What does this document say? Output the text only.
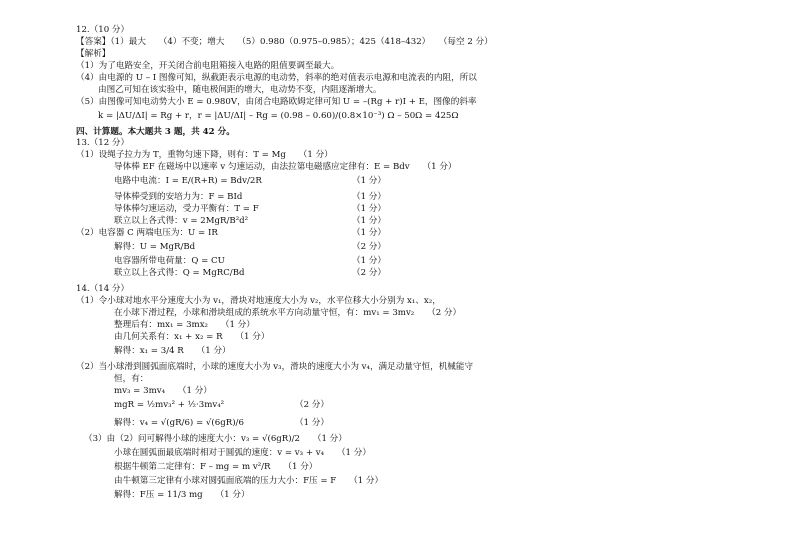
12.（10 分）
【答案】（1）最大　　（4）不变；增大　　（5）0.980（0.975–0.985）；425（418–432）　　（每空 2 分）
【解析】
（1）为了电路安全，开关闭合前电阻箱接入电路的阻值要调至最大。
（4）由电源的 U – I 图像可知，纵截距表示电源的电动势，斜率的绝对值表示电源和电流表的内阻，所以
由图乙可知在该实验中，随电极间距的增大，电动势不变，内阻逐渐增大。
（5）由图像可知电动势大小 E = 0.980V，由闭合电路欧姆定律可知 U = –(Rg + r)I + E，图像的斜率
k = |ΔU/ΔI| = Rg + r，r = |ΔU/ΔI| – Rg = (0.98 – 0.60)/(0.8×10⁻³) Ω – 50Ω = 425Ω
四、计算题。本大题共 3 题，共 42 分。
13.（12 分）
（1）设绳子拉力为 T，重物匀速下降，则有：T = Mg　　（1 分）
导体棒 EF 在磁场中以速率 v 匀速运动，由法拉第电磁感应定律有：E = Bdv　　（1 分）
电路中电流：I = E/(R+R) = Bdv/2R	（1 分）
导体棒受到的安培力为：F = BId	（1 分）
导体棒匀速运动，受力平衡有：T = F	（1 分）
联立以上各式得：v = 2MgR/B²d²	（1 分）
（2）电容器 C 两端电压为：U = IR	（1 分）
解得：U = MgR/Bd	（2 分）
电容器所带电荷量：Q = CU	（1 分）
联立以上各式得：Q = MgRC/Bd	（2 分）
14.（14 分）
（1）令小球对地水平分速度大小为 v₁，滑块对地速度大小为 v₂，水平位移大小分别为 x₁、x₂，
在小球下滑过程，小球和滑块组成的系统水平方向动量守恒，有：mv₁ = 3mv₂　　（2 分）
整理后有：mx₁ = 3mx₂　　（1 分）
由几何关系有：x₁ + x₂ = R　　（1 分）
解得：x₁ = 3/4 R　　（1 分）
（2）当小球滑到圆弧面底端时，小球的速度大小为 v₃，滑块的速度大小为 v₄，满足动量守恒，机械能守
恒，有：
mv₃ = 3mv₄　　（1 分）
mgR = ½mv₃² + ½·3mv₄²	（2 分）
解得：v₄ = √(gR/6) = √(6gR)/6	（1 分）
（3）由（2）问可解得小球的速度大小：v₃ = √(6gR)/2　　（1 分）
小球在圆弧面最底端时相对于圆弧的速度：v = v₃ + v₄　　（1 分）
根据牛顿第二定律有：F – mg = m v²/R　　（1 分）
由牛顿第三定律有小球对圆弧面底端的压力大小：F压 = F　　（1 分）
解得：F压 = 11/3 mg　　（1 分）
